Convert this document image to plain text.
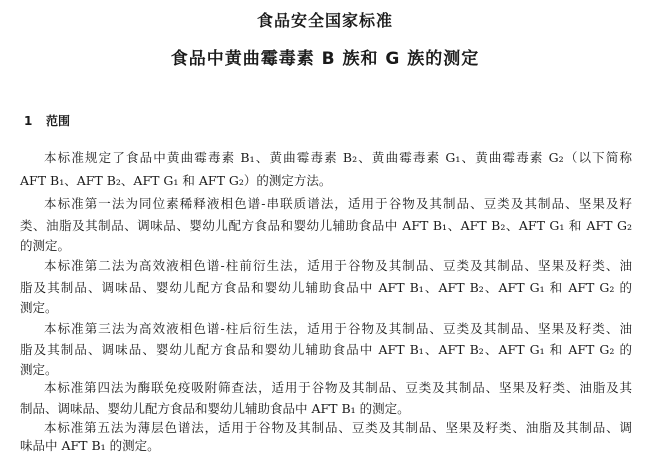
食品安全国家标准
食品中黄曲霉毒素 B 族和 G 族的测定
1 范围
本标准规定了食品中黄曲霉毒素 B₁、黄曲霉毒素 B₂、黄曲霉毒素 G₁、黄曲霉毒素 G₂（以下简称
AFT B₁、AFT B₂、AFT G₁ 和 AFT G₂）的测定方法。
本标准第一法为同位素稀释液相色谱-串联质谱法，适用于谷物及其制品、豆类及其制品、坚果及籽
类、油脂及其制品、调味品、婴幼儿配方食品和婴幼儿辅助食品中 AFT B₁、AFT B₂、AFT G₁ 和 AFT G₂
的测定。
本标准第二法为高效液相色谱-柱前衍生法，适用于谷物及其制品、豆类及其制品、坚果及籽类、油
脂及其制品、调味品、婴幼儿配方食品和婴幼儿辅助食品中 AFT B₁、AFT B₂、AFT G₁ 和 AFT G₂ 的
测定。
本标准第三法为高效液相色谱-柱后衍生法，适用于谷物及其制品、豆类及其制品、坚果及籽类、油
脂及其制品、调味品、婴幼儿配方食品和婴幼儿辅助食品中 AFT B₁、AFT B₂、AFT G₁ 和 AFT G₂ 的
测定。
本标准第四法为酶联免疫吸附筛查法，适用于谷物及其制品、豆类及其制品、坚果及籽类、油脂及其
制品、调味品、婴幼儿配方食品和婴幼儿辅助食品中 AFT B₁ 的测定。
本标准第五法为薄层色谱法，适用于谷物及其制品、豆类及其制品、坚果及籽类、油脂及其制品、调
味品中 AFT B₁ 的测定。
